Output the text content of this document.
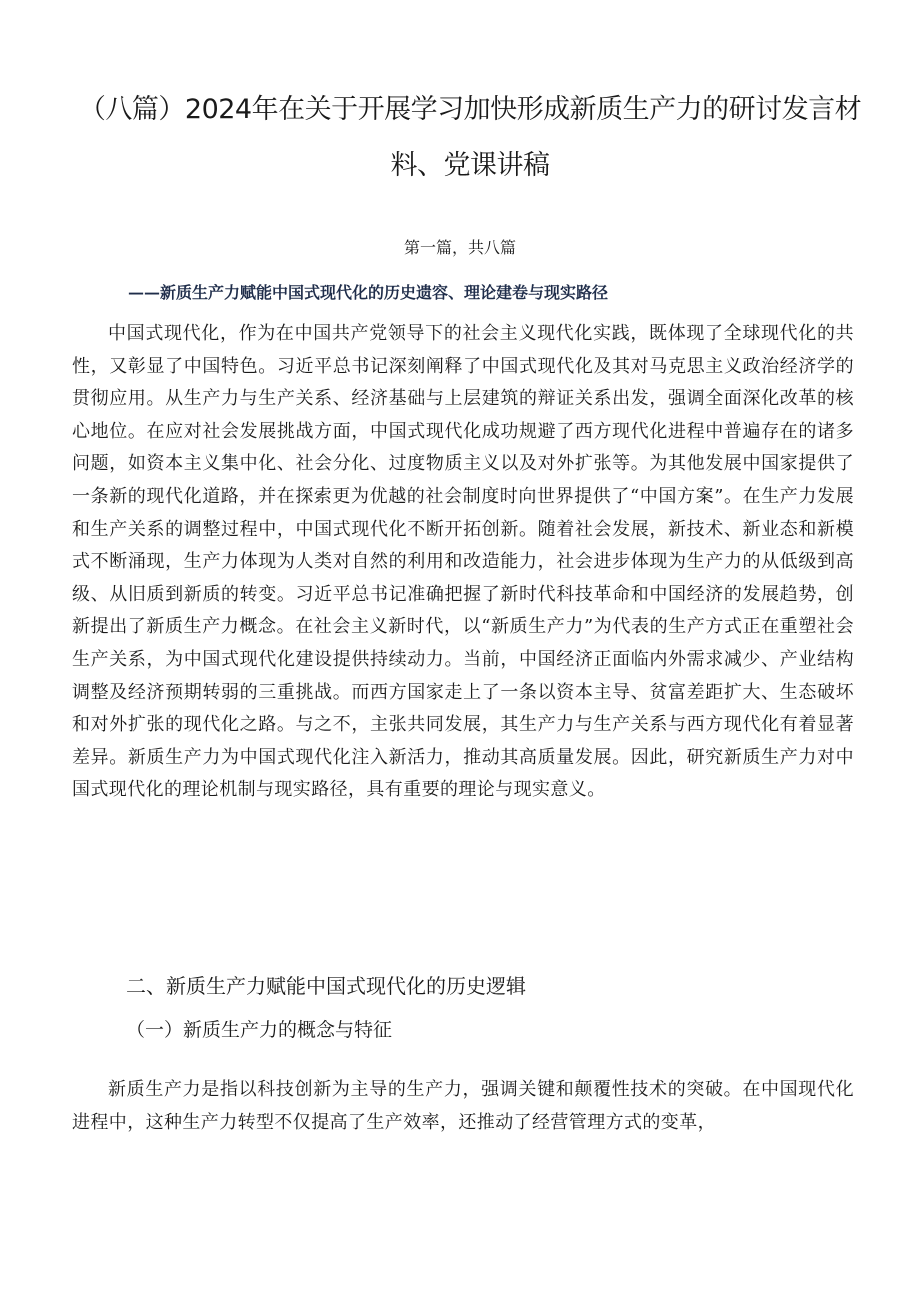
（八篇）2024年在关于开展学习加快形成新质生产力的研讨发言材料、党课讲稿
第一篇，共八篇
——新质生产力赋能中国式现代化的历史遗容、理论建卷与现实路径

中国式现代化，作为在中国共产党领导下的社会主义现代化实践，既体现了全球现代化的共性，又彰显了中国特色。习近平总书记深刻阐释了中国式现代化及其对马克思主义政治经济学的贯彻应用。从生产力与生产关系、经济基础与上层建筑的辩证关系出发，强调全面深化改革的核心地位。在应对社会发展挑战方面，中国式现代化成功规避了西方现代化进程中普遍存在的诸多问题，如资本主义集中化、社会分化、过度物质主义以及对外扩张等。为其他发展中国家提供了一条新的现代化道路，并在探索更为优越的社会制度时向世界提供了“中国方案”。在生产力发展和生产关系的调整过程中，中国式现代化不断开拓创新。随着社会发展，新技术、新业态和新模式不断涌现，生产力体现为人类对自然的利用和改造能力，社会进步体现为生产力的从低级到高级、从旧质到新质的转变。习近平总书记准确把握了新时代科技革命和中国经济的发展趋势，创新提出了新质生产力概念。在社会主义新时代，以“新质生产力”为代表的生产方式正在重塑社会生产关系，为中国式现代化建设提供持续动力。当前，中国经济正面临内外需求减少、产业结构调整及经济预期转弱的三重挑战。而西方国家走上了一条以资本主导、贫富差距扩大、生态破坏和对外扩张的现代化之路。与之不，主张共同发展，其生产力与生产关系与西方现代化有着显著差异。新质生产力为中国式现代化注入新活力，推动其高质量发展。因此，研究新质生产力对中国式现代化的理论机制与现实路径，具有重要的理论与现实意义。

二、新质生产力赋能中国式现代化的历史逻辑
（一）新质生产力的概念与特征

新质生产力是指以科技创新为主导的生产力，强调关键和颠覆性技术的突破。在中国现代化进程中，这种生产力转型不仅提高了生产效率，还推动了经营管理方式的变革，
